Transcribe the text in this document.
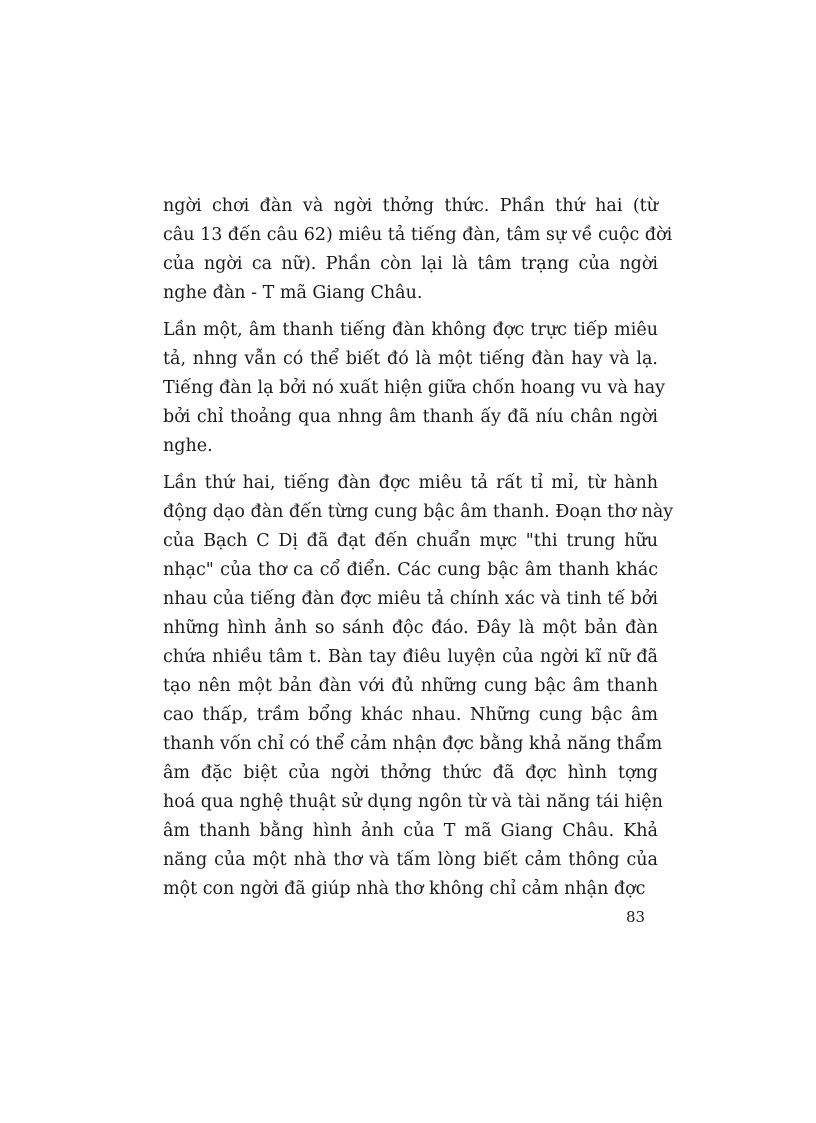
ngời chơi đàn và ngời thởng thức. Phần thứ hai (từ
câu 13 đến câu 62) miêu tả tiếng đàn, tâm sự về cuộc đời
của ngời ca nữ). Phần còn lại là tâm trạng của ngời
nghe đàn - T mã Giang Châu.
Lần một, âm thanh tiếng đàn không đợc trực tiếp miêu
tả, nhng vẫn có thể biết đó là một tiếng đàn hay và lạ.
Tiếng đàn lạ bởi nó xuất hiện giữa chốn hoang vu và hay
bởi chỉ thoảng qua nhng âm thanh ấy đã níu chân ngời
nghe.
Lần thứ hai, tiếng đàn đợc miêu tả rất tỉ mỉ, từ hành
động dạo đàn đến từng cung bậc âm thanh. Đoạn thơ này
của Bạch C Dị đã đạt đến chuẩn mực "thi trung hữu
nhạc" của thơ ca cổ điển. Các cung bậc âm thanh khác
nhau của tiếng đàn đợc miêu tả chính xác và tinh tế bởi
những hình ảnh so sánh độc đáo. Đây là một bản đàn
chứa nhiều tâm t. Bàn tay điêu luyện của ngời kĩ nữ đã
tạo nên một bản đàn với đủ những cung bậc âm thanh
cao thấp, trầm bổng khác nhau. Những cung bậc âm
thanh vốn chỉ có thể cảm nhận đợc bằng khả năng thẩm
âm đặc biệt của ngời thởng thức đã đợc hình tợng
hoá qua nghệ thuật sử dụng ngôn từ và tài năng tái hiện
âm thanh bằng hình ảnh của T mã Giang Châu. Khả
năng của một nhà thơ và tấm lòng biết cảm thông của
một con ngời đã giúp nhà thơ không chỉ cảm nhận đợc
83
